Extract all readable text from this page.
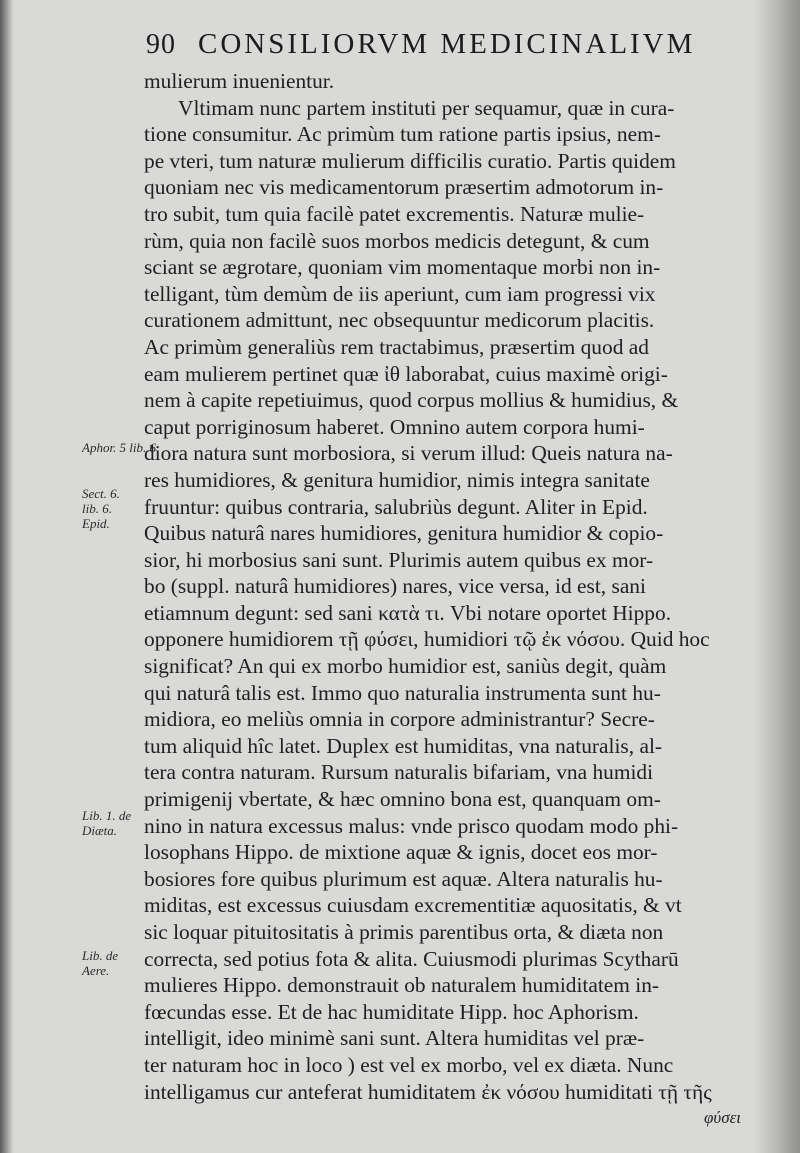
90 CONSILIORVM MEDICINALIVM
mulierum inuenientur.
Vltimam nunc partem instituti per sequamur, quæ in cura-
tione consumitur. Ac primùm tum ratione partis ipsius, nem-
pe vteri, tum naturæ mulierum difficilis curatio. Partis quidem
quoniam nec vis medicamentorum præsertim admotorum in-
tro subit, tum quia facilè patet excrementis. Naturæ mulie-
rùm, quia non facilè suos morbos medicis detegunt, & cum
sciant se ægrotare, quoniam vim momentaque morbi non in-
telligant, tùm demùm de iis aperiunt, cum iam progressi vix
curationem admittunt, nec obsequuntur medicorum placitis.
Ac primùm generaliùs rem tractabimus, præsertim quod ad
eam mulierem pertinet quæ ἰθ laborabat, cuius maximè origi-
nem à capite repetiuimus, quod corpus mollius & humidius, &
caput porriginosum haberet. Omnino autem corpora humi-
diora natura sunt morbosiora, si verum illud: Queis natura na-
res humidiores, & genitura humidior, nimis integra sanitate
fruuntur: quibus contraria, salubriùs degunt. Aliter in Epid.
Quibus naturâ nares humidiores, genitura humidior & copio-
sior, hi morbosius sani sunt. Plurimis autem quibus ex mor-
bo (suppl. naturâ humidiores) nares, vice versa, id est, sani
etiamnum degunt: sed sani κατὰ τι. Vbi notare oportet Hippo.
opponere humidiorem τῇ φύσει, humidiori τῷ ἐκ νόσου. Quid hoc
significat? An qui ex morbo humidior est, saniùs degit, quàm
qui naturâ talis est. Immo quo naturalia instrumenta sunt hu-
midiora, eo meliùs omnia in corpore administrantur? Secre-
tum aliquid hîc latet. Duplex est humiditas, vna naturalis, al-
tera contra naturam. Rursum naturalis bifariam, vna humidi
primigenij vbertate, & hæc omnino bona est, quanquam om-
nino in natura excessus malus: vnde prisco quodam modo phi-
losophans Hippo. de mixtione aquæ & ignis, docet eos mor-
bosiores fore quibus plurimum est aquæ. Altera naturalis hu-
miditas, est excessus cuiusdam excrementitiæ aquositatis, & vt
sic loquar pituitositatis à primis parentibus orta, & diæta non
correcta, sed potius fota & alita. Cuiusmodi plurimas Scytharū
mulieres Hippo. demonstrauit ob naturalem humiditatem in-
fœcundas esse. Et de hac humiditate Hipp. hoc Aphorism.
intelligit, ideo minimè sani sunt. Altera humiditas vel præ-
ter naturam hoc in loco ) est vel ex morbo, vel ex diæta. Nunc
intelligamus cur anteferat humiditatem ἐκ νόσου humiditati τῇ τῆς
Aphor. 5 lib. 6
Sect. 6. lib. 6. Epid.
Lib. 1. de Diæta.
Lib. de Aere.
φύσει
